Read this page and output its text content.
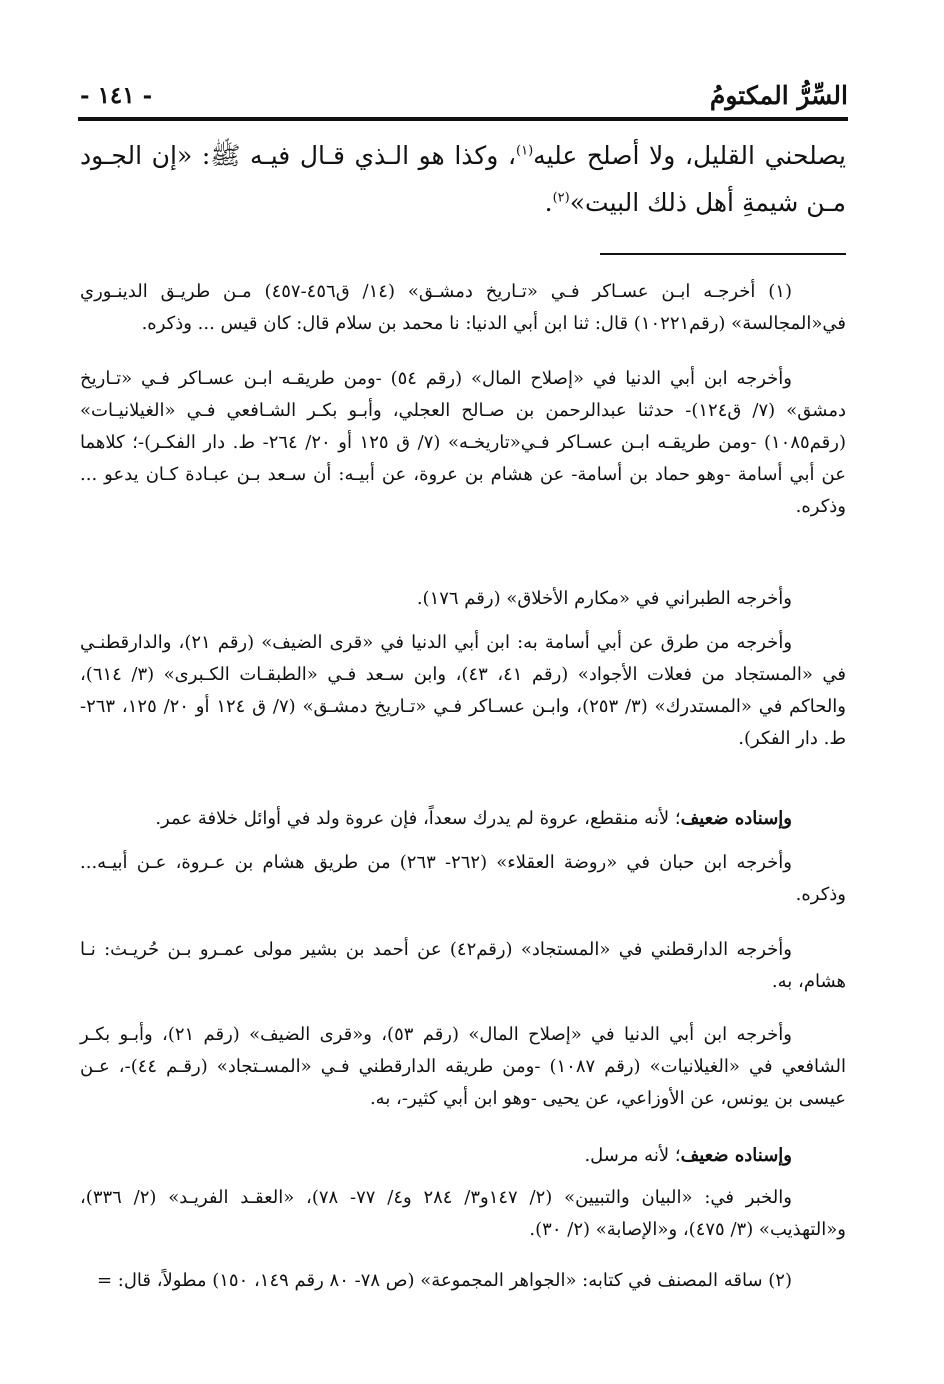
السِّرُّ المكتومُ
- ١٤١ -
يصلحني القليل، ولا أصلح عليه$^{(١)}$، وكذا هو الـذي قـال فيـه ﷺ: «إن الجـود مـن شيمةِ أهل ذلك البيت»$^{(٢)}$.

(١) أخرجـه ابـن عسـاكر فـي «تـاريخ دمشـق» (١٤/ ق٤٥٦-٤٥٧) مـن طريـق الدينـوري في«المجالسة» (رقم١٠٢٢١) قال: ثنا ابن أبي الدنيا: نا محمد بن سلام قال: كان قيس ... وذكره.

وأخرجه ابن أبي الدنيا في «إصلاح المال» (رقم ٥٤) -ومن طريقـه ابـن عسـاكر فـي «تـاريخ دمشق» (٧/ ق١٢٤)- حدثنا عبدالرحمن بن صـالح العجلي، وأبـو بكـر الشـافعي فـي «الغيلانيـات» (رقم١٠٨٥) -ومن طريقـه ابـن عسـاكر فـي«تاريخـه» (٧/ ق ١٢٥ أو ٢٠/ ٢٦٤- ط. دار الفكـر)-؛ كلاهما عن أبي أسامة -وهو حماد بن أسامة- عن هشام بن عروة، عن أبيـه: أن سـعد بـن عبـادة كـان يدعو ... وذكره.

وأخرجه الطبراني في «مكارم الأخلاق» (رقم ١٧٦).

وأخرجه من طرق عن أبي أسامة به: ابن أبي الدنيا في «قرى الضيف» (رقم ٢١)، والدارقطنـي في «المستجاد من فعلات الأجواد» (رقم ٤١، ٤٣)، وابن سـعد فـي «الطبقـات الكـبرى» (٣/ ٦١٤)، والحاكم في «المستدرك» (٣/ ٢٥٣)، وابـن عسـاكر فـي «تـاريخ دمشـق» (٧/ ق ١٢٤ أو ٢٠/ ١٢٥، ٢٦٣- ط. دار الفكر).

وإسناده ضعيف؛ لأنه منقطع، عروة لم يدرك سعداً، فإن عروة ولد في أوائل خلافة عمر.

وأخرجه ابن حبان في «روضة العقلاء» (٢٦٢- ٢٦٣) من طريق هشام بن عـروة، عـن أبيـه... وذكره.

وأخرجه الدارقطني في «المستجاد» (رقم٤٢) عن أحمد بن بشير مولى عمـرو بـن حُريـث: نـا هشام، به.

وأخرجه ابن أبي الدنيا في «إصلاح المال» (رقم ٥٣)، و«قرى الضيف» (رقم ٢١)، وأبـو بكـر الشافعي في «الغيلانيات» (رقم ١٠٨٧) -ومن طريقه الدارقطني فـي «المسـتجاد» (رقـم ٤٤)-، عـن عيسى بن يونس، عن الأوزاعي، عن يحيى -وهو ابن أبي كثير-، به.

وإسناده ضعيف؛ لأنه مرسل.

والخبر في: «البيان والتبيين» (٢/ ١٤٧و٣/ ٢٨٤ و٤/ ٧٧- ٧٨)، «العقـد الفريـد» (٢/ ٣٣٦)، و«التهذيب» (٣/ ٤٧٥)، و«الإصابة» (٢/ ٣٠).

(٢) ساقه المصنف في كتابه: «الجواهر المجموعة» (ص ٧٨- ٨٠ رقم ١٤٩، ١٥٠) مطولاً، قال: =
